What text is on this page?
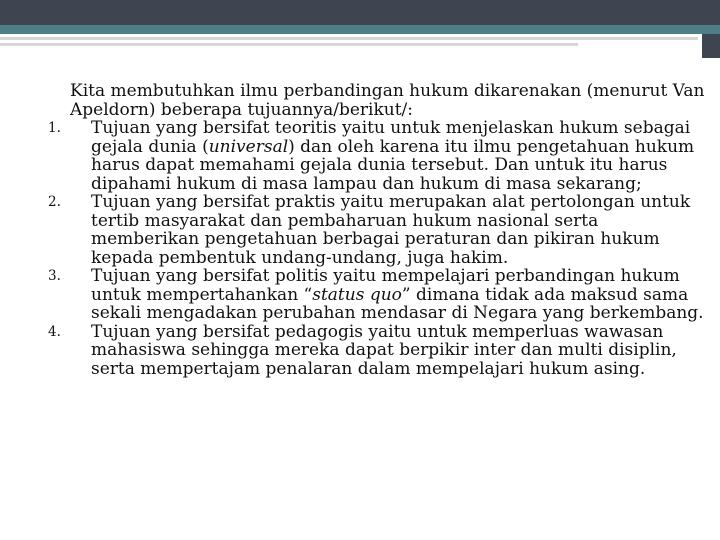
Kita membutuhkan ilmu perbandingan hukum dikarenakan (menurut Van Apeldorn) beberapa tujuannya/berikut/:
1. Tujuan yang bersifat teoritis yaitu untuk menjelaskan hukum sebagai gejala dunia (universal) dan oleh karena itu ilmu pengetahuan hukum harus dapat memahami gejala dunia tersebut. Dan untuk itu harus dipahami hukum di masa lampau dan hukum di masa sekarang;
2. Tujuan yang bersifat praktis yaitu merupakan alat pertolongan untuk tertib masyarakat dan pembaharuan hukum nasional serta memberikan pengetahuan berbagai peraturan dan pikiran hukum kepada pembentuk undang-undang, juga hakim.
3. Tujuan yang bersifat politis yaitu mempelajari perbandingan hukum untuk mempertahankan “status quo” dimana tidak ada maksud sama sekali mengadakan perubahan mendasar di Negara yang berkembang.
4. Tujuan yang bersifat pedagogis yaitu untuk memperluas wawasan mahasiswa sehingga mereka dapat berpikir inter dan multi disiplin, serta mempertajam penalaran dalam mempelajari hukum asing.
